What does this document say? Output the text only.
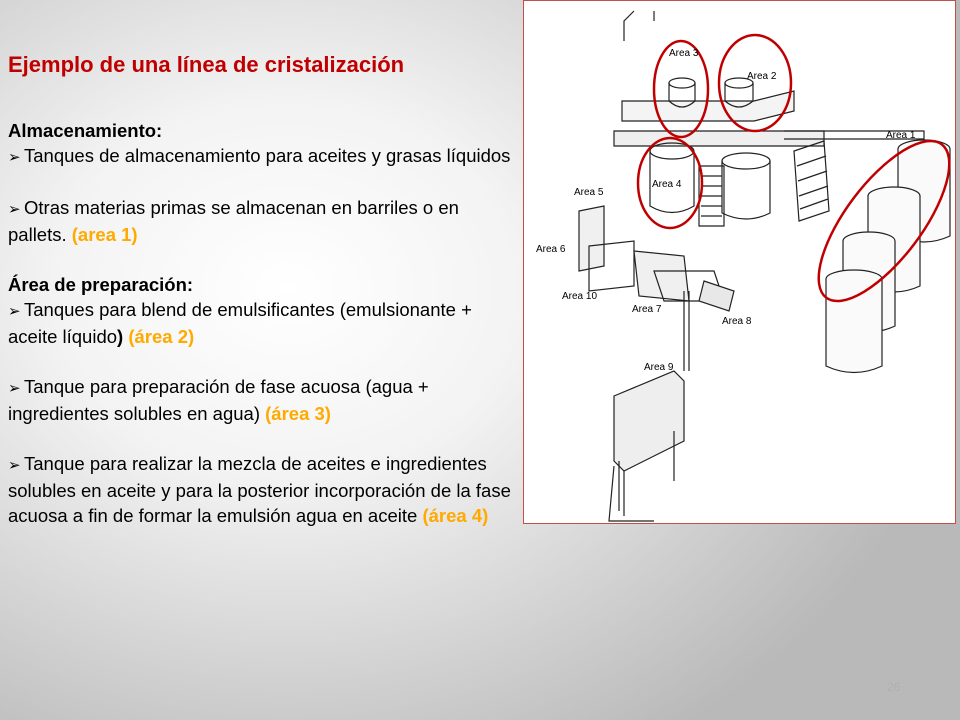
Ejemplo de una línea de cristalización
Almacenamiento:
➢ Tanques de almacenamiento para aceites y grasas líquidos
➢ Otras materias primas se almacenan en barriles o en pallets. (area 1)
Área de preparación:
➢ Tanques para blend de emulsificantes (emulsionante + aceite líquido) (área 2)
➢ Tanque para preparación de fase acuosa (agua + ingredientes solubles en agua) (área 3)
➢ Tanque para realizar la mezcla de aceites e ingredientes solubles en aceite y para la posterior incorporación de la fase acuosa a fin de formar la emulsión agua en aceite (área 4)
Area 3
Area 2
Area 1
Area 4
Area 5
Area 6
Area 10
Area 7
Area 8
Area 9
26
